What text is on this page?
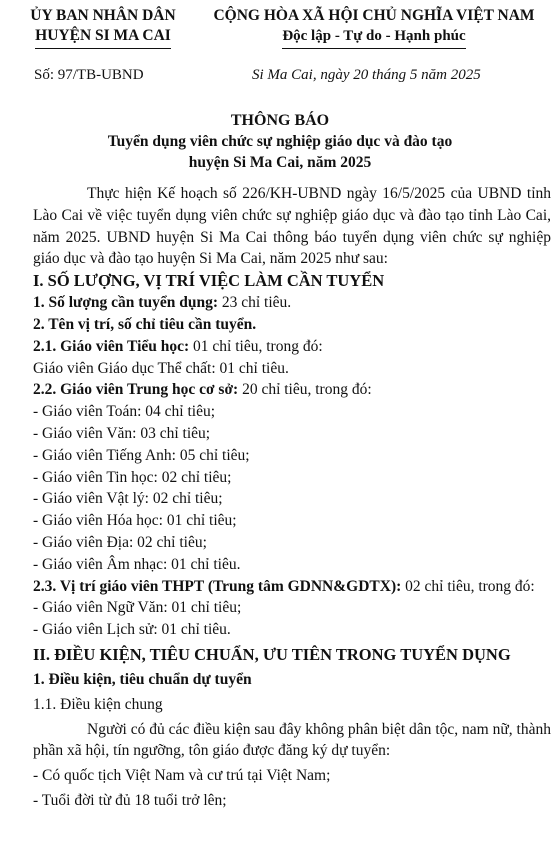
ỦY BAN NHÂN DÂN
HUYỆN SI MA CAI
CỘNG HÒA XÃ HỘI CHỦ NGHĨA VIỆT NAM
Độc lập - Tự do - Hạnh phúc
Số: 97/TB-UBND	Si Ma Cai, ngày 20 tháng 5 năm 2025
THÔNG BÁO
Tuyển dụng viên chức sự nghiệp giáo dục và đào tạo
huyện Si Ma Cai, năm 2025

Thực hiện Kế hoạch số 226/KH-UBND ngày 16/5/2025 của UBND tỉnh Lào Cai về việc tuyển dụng viên chức sự nghiệp giáo dục và đào tạo tỉnh Lào Cai, năm 2025. UBND huyện Si Ma Cai thông báo tuyển dụng viên chức sự nghiệp giáo dục và đào tạo huyện Si Ma Cai, năm 2025 như sau:

I. SỐ LƯỢNG, VỊ TRÍ VIỆC LÀM CẦN TUYỂN

1. Số lượng cần tuyển dụng: 23 chỉ tiêu.

2. Tên vị trí, số chỉ tiêu cần tuyển.

2.1. Giáo viên Tiểu học: 01 chỉ tiêu, trong đó:

Giáo viên Giáo dục Thể chất: 01 chỉ tiêu.

2.2. Giáo viên Trung học cơ sở: 20 chỉ tiêu, trong đó:

- Giáo viên Toán: 04 chỉ tiêu;

- Giáo viên Văn: 03 chỉ tiêu;

- Giáo viên Tiếng Anh: 05 chỉ tiêu;

- Giáo viên Tin học: 02 chỉ tiêu;

- Giáo viên Vật lý: 02 chỉ tiêu;

- Giáo viên Hóa học: 01 chỉ tiêu;

- Giáo viên Địa: 02 chỉ tiêu;

- Giáo viên Âm nhạc: 01 chỉ tiêu.

2.3. Vị trí giáo viên THPT (Trung tâm GDNN&GDTX): 02 chỉ tiêu, trong đó:

- Giáo viên Ngữ Văn: 01 chỉ tiêu;

- Giáo viên Lịch sử: 01 chỉ tiêu.

II. ĐIỀU KIỆN, TIÊU CHUẨN, ƯU TIÊN TRONG TUYỂN DỤNG

1. Điều kiện, tiêu chuẩn dự tuyển

1.1. Điều kiện chung

Người có đủ các điều kiện sau đây không phân biệt dân tộc, nam nữ, thành phần xã hội, tín ngưỡng, tôn giáo được đăng ký dự tuyển:

- Có quốc tịch Việt Nam và cư trú tại Việt Nam;

- Tuổi đời từ đủ 18 tuổi trở lên;
